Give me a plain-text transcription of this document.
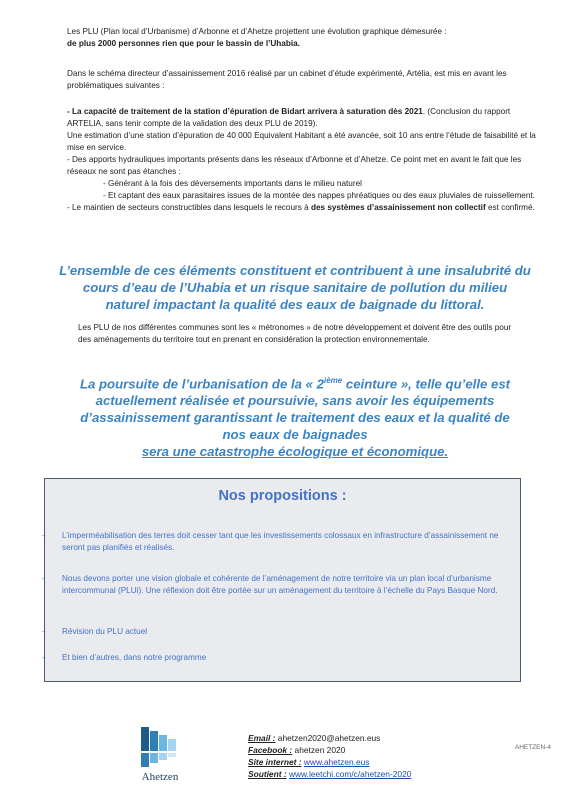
Les PLU (Plan local d’Urbanisme) d’Arbonne et d’Ahetze projettent une évolution graphique démesurée :
de plus 2000 personnes rien que pour le bassin de l’Uhabia.

Dans le schéma directeur d’assainissement 2016 réalisé par un cabinet d’étude expérimenté, Artélia, est mis en avant les problématiques suivantes :

- La capacité de traitement de la station d’épuration de Bidart arrivera à saturation dès 2021. (Conclusion du rapport ARTELIA, sans tenir compte de la validation des deux PLU de 2019).
Une estimation d’une station d’épuration de 40 000 Equivalent Habitant a été avancée, soit 10 ans entre l’étude de faisabilité et la mise en service.
- Des apports hydrauliques importants présents dans les réseaux d’Arbonne et d’Ahetze. Ce point met en avant le fait que les réseaux ne sont pas étanches :
- Générant à la fois des déversements importants dans le milieu naturel
- Et captant des eaux parasitaires issues de la montée des nappes phréatiques ou des eaux pluviales de ruissellement.
- Le maintien de secteurs constructibles dans lesquels le recours à des systèmes d’assainissement non collectif est confirmé.
L’ensemble de ces éléments constituent et contribuent à une insalubrité du
cours d’eau de l’Uhabia et un risque sanitaire de pollution du milieu
naturel impactant la qualité des eaux de baignade du littoral.

Les PLU de nos différentes communes sont les « métronomes » de notre développement et doivent être des outils pour des aménagements du territoire tout en prenant en considération la protection environnementale.

La poursuite de l’urbanisation de la « 2ième ceinture », telle qu’elle est
actuellement réalisée et poursuivie, sans avoir les équipements
d’assainissement garantissant le traitement des eaux et la qualité de
nos eaux de baignades
sera une catastrophe écologique et économique.
Nos propositions :
- L’imperméabilisation des terres doit cesser tant que les investissements colossaux en infrastructure d’assainissement ne seront pas planifiés et réalisés.
- Nous devons porter une vision globale et cohérente de l’aménagement de notre territoire via un plan local d’urbanisme intercommunal (PLUi). Une réflexion doit être portée sur un aménagement du territoire à l’échelle du Pays Basque Nord.
- Révision du PLU actuel
- Et bien d’autres, dans notre programme
Ahetzen
Email : ahetzen2020@ahetzen.eus
Facebook : ahetzen 2020
Site internet : www.ahetzen.eus
Soutient : www.leetchi.com/c/ahetzen-2020
AHETZEN-4
